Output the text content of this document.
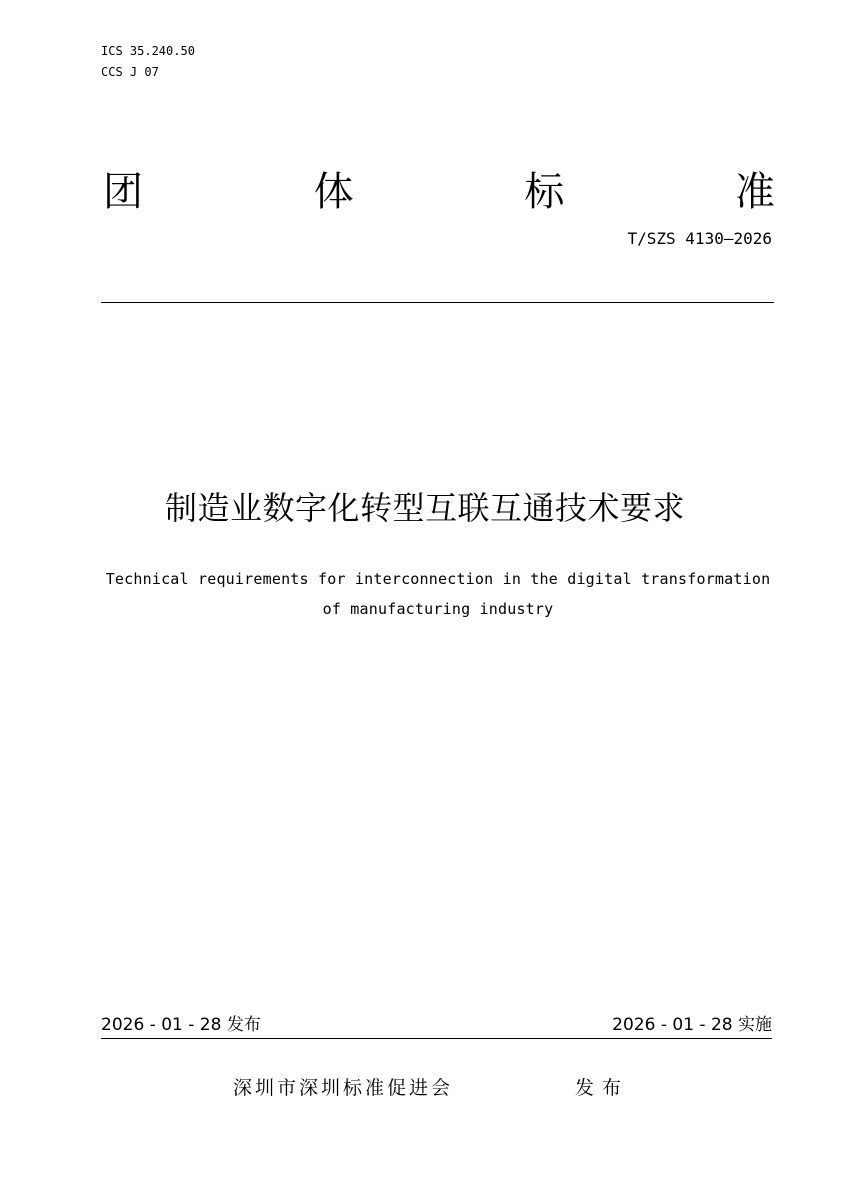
ICS 35.240.50
CCS J 07
团	体	标	准
T/SZS 4130—2026
制造业数字化转型互联互通技术要求
Technical requirements for interconnection in the digital transformation
of manufacturing industry
2026 - 01 - 28 发布	2026 - 01 - 28 实施
深圳市深圳标准促进会	发布
